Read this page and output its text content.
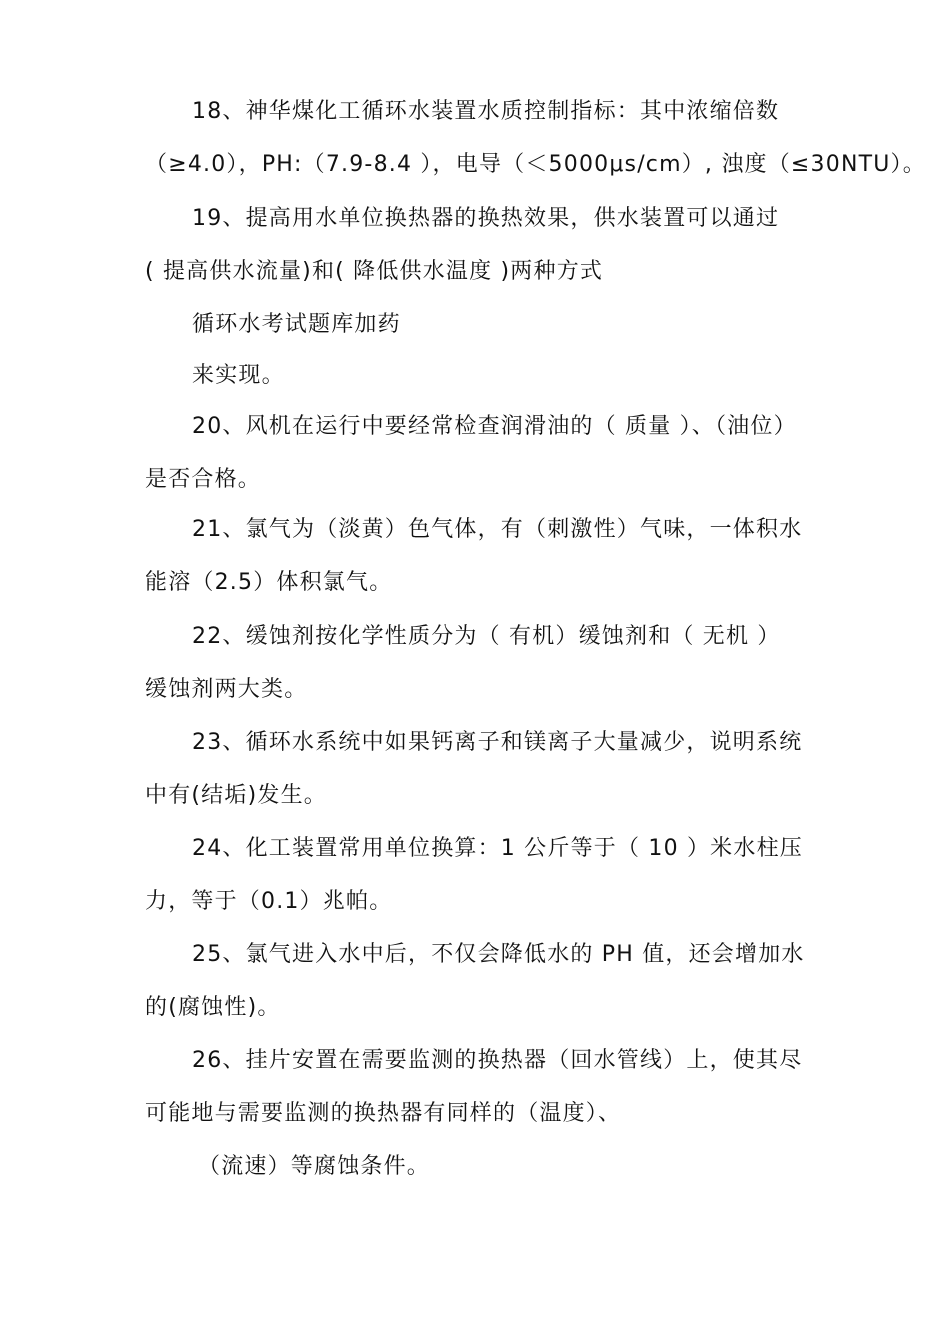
18、神华煤化工循环水装置水质控制指标：其中浓缩倍数
（≥4.0），PH:（7.9-8.4 ），电导（＜5000μs/cm）, 浊度（≤30NTU）。
19、提高用水单位换热器的换热效果，供水装置可以通过
( 提高供水流量)和( 降低供水温度 )两种方式
循环水考试题库加药
来实现。
20、风机在运行中要经常检查润滑油的（ 质量 ）、（油位）
是否合格。
21、氯气为（淡黄）色气体，有（刺激性）气味，一体积水
能溶（2.5）体积氯气。
22、缓蚀剂按化学性质分为（ 有机）缓蚀剂和（ 无机 ）
缓蚀剂两大类。
23、循环水系统中如果钙离子和镁离子大量减少，说明系统
中有(结垢)发生。
24、化工装置常用单位换算：1 公斤等于（ 10 ）米水柱压
力，等于（0.1）兆帕。
25、氯气进入水中后，不仅会降低水的 PH 值，还会增加水
的(腐蚀性)。
26、挂片安置在需要监测的换热器（回水管线）上，使其尽
可能地与需要监测的换热器有同样的（温度）、
（流速）等腐蚀条件。
